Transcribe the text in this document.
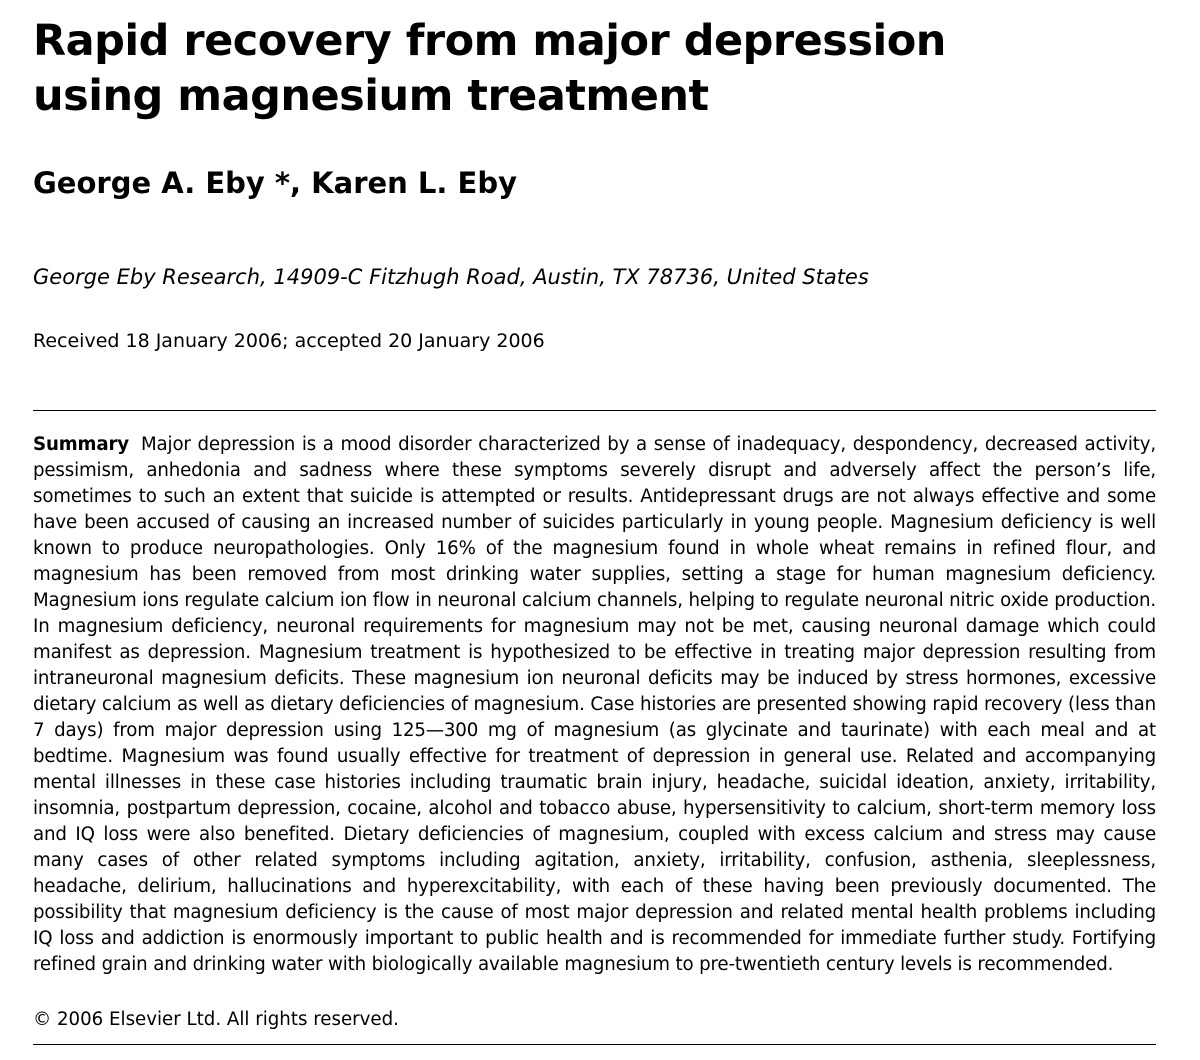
Rapid recovery from major depression
using magnesium treatment

George A. Eby *, Karen L. Eby

George Eby Research, 14909-C Fitzhugh Road, Austin, TX 78736, United States

Received 18 January 2006; accepted 20 January 2006

Summary Major depression is a mood disorder characterized by a sense of inadequacy, despondency, decreased activity, pessimism, anhedonia and sadness where these symptoms severely disrupt and adversely affect the person’s life, sometimes to such an extent that suicide is attempted or results. Antidepressant drugs are not always effective and some have been accused of causing an increased number of suicides particularly in young people. Magnesium deficiency is well known to produce neuropathologies. Only 16% of the magnesium found in whole wheat remains in refined flour, and magnesium has been removed from most drinking water supplies, setting a stage for human magnesium deficiency. Magnesium ions regulate calcium ion flow in neuronal calcium channels, helping to regulate neuronal nitric oxide production. In magnesium deficiency, neuronal requirements for magnesium may not be met, causing neuronal damage which could manifest as depression. Magnesium treatment is hypothesized to be effective in treating major depression resulting from intraneuronal magnesium deficits. These magnesium ion neuronal deficits may be induced by stress hormones, excessive dietary calcium as well as dietary deficiencies of magnesium. Case histories are presented showing rapid recovery (less than 7 days) from major depression using 125—300 mg of magnesium (as glycinate and taurinate) with each meal and at bedtime. Magnesium was found usually effective for treatment of depression in general use. Related and accompanying mental illnesses in these case histories including traumatic brain injury, headache, suicidal ideation, anxiety, irritability, insomnia, postpartum depression, cocaine, alcohol and tobacco abuse, hypersensitivity to calcium, short-term memory loss and IQ loss were also benefited. Dietary deficiencies of magnesium, coupled with excess calcium and stress may cause many cases of other related symptoms including agitation, anxiety, irritability, confusion, asthenia, sleeplessness, headache, delirium, hallucinations and hyperexcitability, with each of these having been previously documented. The possibility that magnesium deficiency is the cause of most major depression and related mental health problems including IQ loss and addiction is enormously important to public health and is recommended for immediate further study. Fortifying refined grain and drinking water with biologically available magnesium to pre-twentieth century levels is recommended.

© 2006 Elsevier Ltd. All rights reserved.
